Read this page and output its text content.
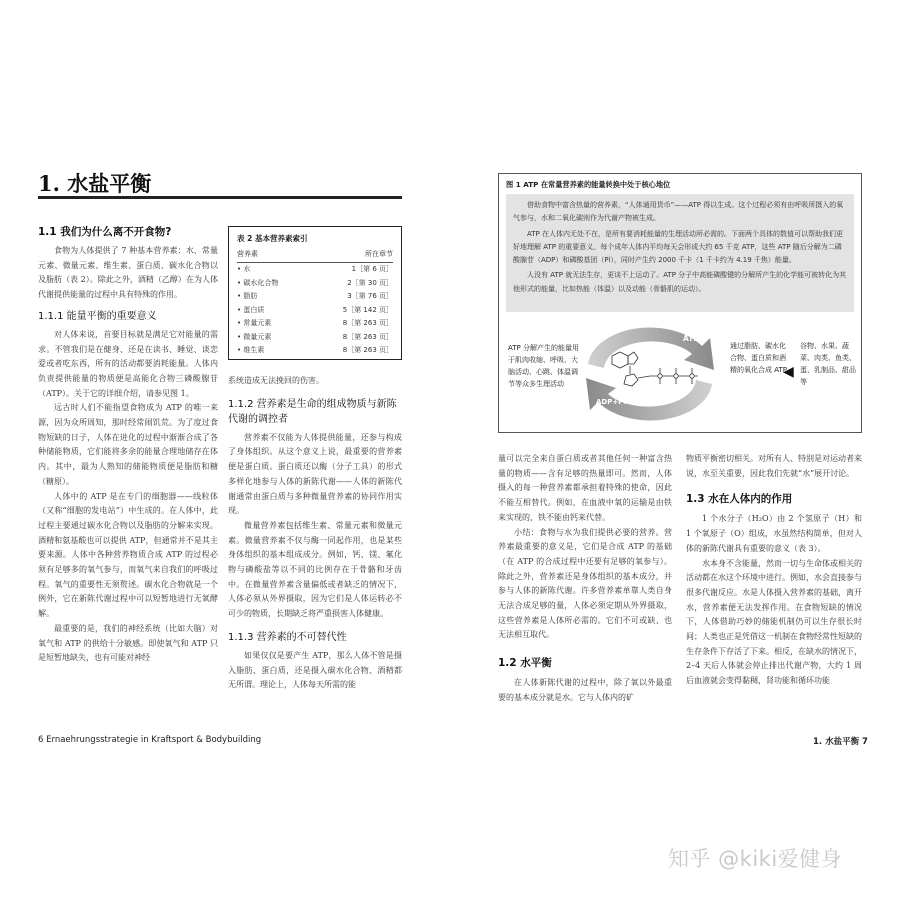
1. 水盐平衡
1.1 我们为什么离不开食物?

食物为人体提供了 7 种基本营养素：水、常量元素、微量元素、维生素、蛋白质、碳水化合物以及脂肪（表 2）。除此之外，酒精（乙醇）在为人体代谢提供能量的过程中具有特殊的作用。

1.1.1 能量平衡的重要意义

对人体来说，首要目标就是满足它对能量的需求。不管我们是在健身、还是在读书、睡觉、谈恋爱或者吃东西，所有的活动都要消耗能量。人体内负责提供能量的物质便是高能化合物三磷酸腺苷（ATP）。关于它的详细介绍，请参见图 1。

远古时人们不能指望食物成为 ATP 的唯一来源，因为众所周知，那时经常闹饥荒。为了度过食物短缺的日子，人体在进化的过程中渐渐合成了各种储能物质，它们能将多余的能量合理地储存在体内。其中，最为人熟知的储能物质便是脂肪和糖（糖原）。

人体中的 ATP 是在专门的细胞器——线粒体（又称“细胞的发电站”）中生成的。在人体中，此过程主要通过碳水化合物以及脂肪的分解来实现。酒精和氨基酸也可以提供 ATP，但通常并不是其主要来源。人体中各种营养物质合成 ATP 的过程必须有足够多的氧气参与，而氧气来自我们的呼吸过程。氧气的重要性无须赘述。碳水化合物就是一个例外，它在新陈代谢过程中可以短暂地进行无氧酵解。

最重要的是，我们的神经系统（比如大脑）对氧气和 ATP 的供给十分敏感。即使氧气和 ATP 只是短暂地缺失，也有可能对神经

表 2 基本营养素索引
营养素	所在章节
• 水	1［第 6 页］
• 碳水化合物	2［第 30 页］
• 脂肪	3［第 76 页］
• 蛋白质	5［第 142 页］
• 常量元素	8［第 263 页］
• 微量元素	8［第 263 页］
• 维生素	8［第 263 页］

系统造成无法挽回的伤害。

1.1.2 营养素是生命的组成物质与新陈代谢的调控者

营养素不仅能为人体提供能量，还参与构成了身体组织。从这个意义上说，最重要的营养素便是蛋白质。蛋白质还以酶（分子工具）的形式多样化地参与人体的新陈代谢——人体的新陈代谢通常由蛋白质与多种微量营养素的协同作用实现。

微量营养素包括维生素、常量元素和微量元素。微量营养素不仅与酶一同起作用，也是某些身体组织的基本组成成分。例如，钙、镁、氟化物与磷酸盐等以不同的比例存在于骨骼和牙齿中。在微量营养素含量偏低或者缺乏的情况下，人体必须从外界摄取，因为它们是人体运转必不可少的物质，长期缺乏将严重损害人体健康。

1.1.3 营养素的不可替代性

如果仅仅是要产生 ATP，那么人体不管是摄入脂肪、蛋白质，还是摄入碳水化合物、酒精都无所谓。理论上，人体每天所需的能

6 Ernaehrungsstrategie in Kraftsport & Bodybuilding
图 1 ATP 在常量营养素的能量转换中处于核心地位

借助食物中富含热量的营养素，“人体通用货币”——ATP 得以生成。这个过程必须有由呼吸所摄入的氧气参与，水和二氧化碳则作为代谢产物被生成。

ATP 在人体内无处不在，是所有要消耗能量的生理活动所必需的。下面两个具体的数值可以帮助我们更好地理解 ATP 的重要意义。每个成年人体内平均每天会形成大约 65 千克 ATP，这些 ATP 随后分解为二磷酸腺苷（ADP）和磷酸基团（Pi），同时产生约 2000 千卡（1 千卡约为 4.19 千焦）能量。

人没有 ATP 就无法生存，更谈不上运动了。ATP 分子中高能磷酸键的分解所产生的化学能可被转化为其他形式的能量，比如热能（体温）以及动能（骨骼肌的运动）。

ATP 分解产生的能量用于肌肉收缩、呼吸、大脑活动、心跳、体温调节等众多生理活动
ATP
ADP+Pi
通过脂肪、碳水化合物、蛋白质和酒精的氧化合成 ATP
◀
谷物、水果、蔬菜、肉类、鱼类、蛋、乳制品、甜品等

量可以完全来自蛋白质或者其他任何一种富含热量的物质——含有足够的热量即可。然而，人体摄入的每一种营养素都承担着特殊的使命，因此不能互相替代。例如，在血液中氧的运输是由铁来实现的，铁不能由钙来代替。

小结：食物与水为我们提供必要的营养。营养素最重要的意义是，它们是合成 ATP 的基础（在 ATP 的合成过程中还要有足够的氧参与）。除此之外，营养素还是身体组织的基本成分，并参与人体的新陈代谢。许多营养素单靠人类自身无法合成足够的量，人体必须定期从外界摄取，这些营养素是人体所必需的。它们不可或缺、也无法相互取代。

1.2 水平衡

在人体新陈代谢的过程中，除了氧以外最重要的基本成分就是水。它与人体内的矿

物质平衡密切相关。对所有人、特别是对运动者来说，水至关重要，因此我们先就“水”展开讨论。

1.3 水在人体内的作用

1 个水分子（H₂O）由 2 个氢原子（H）和 1 个氧原子（O）组成，水虽然结构简单，但对人体的新陈代谢具有重要的意义（表 3）。

水本身不含能量，然而一切与生命体或相关的活动都在水这个环境中进行。例如，水会直接参与很多代谢反应。水是人体摄入营养素的基础，离开水，营养素便无法发挥作用。在食物短缺的情况下，人体借助巧妙的储能机制仍可以生存很长时间；人类也正是凭借这一机制在食物经常性短缺的生存条件下存活了下来。相反，在缺水的情况下，2–4 天后人体就会停止排出代谢产物，大约 1 周后血液就会变得黏稠，肾功能和循环功能

1. 水盐平衡 7
知乎 @kiki爱健身
